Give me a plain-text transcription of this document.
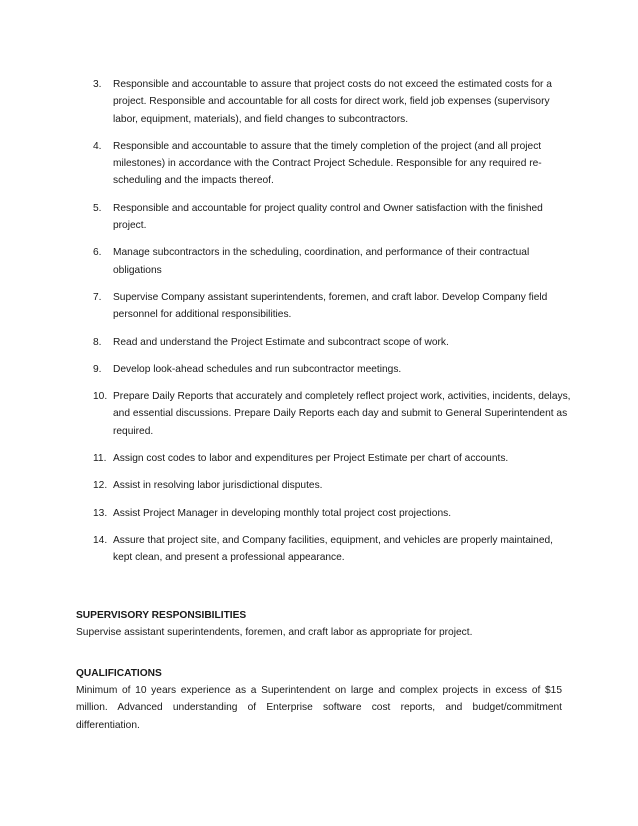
3.	Responsible and accountable to assure that project costs do not exceed the estimated costs for a project. Responsible and accountable for all costs for direct work, field job expenses (supervisory labor, equipment, materials), and field changes to subcontractors.
4.	Responsible and accountable to assure that the timely completion of the project (and all project milestones) in accordance with the Contract Project Schedule. Responsible for any required re-scheduling and the impacts thereof.
5.	Responsible and accountable for project quality control and Owner satisfaction with the finished project.
6.	Manage subcontractors in the scheduling, coordination, and performance of their contractual obligations
7.	Supervise Company assistant superintendents, foremen, and craft labor. Develop Company field personnel for additional responsibilities.
8.	Read and understand the Project Estimate and subcontract scope of work.
9.	Develop look-ahead schedules and run subcontractor meetings.
10. Prepare Daily Reports that accurately and completely reflect project work, activities, incidents, delays, and essential discussions. Prepare Daily Reports each day and submit to General Superintendent as required.
11. Assign cost codes to labor and expenditures per Project Estimate per chart of accounts.
12. Assist in resolving labor jurisdictional disputes.
13. Assist Project Manager in developing monthly total project cost projections.
14. Assure that project site, and Company facilities, equipment, and vehicles are properly maintained, kept clean, and present a professional appearance.

SUPERVISORY RESPONSIBILITIES

Supervise assistant superintendents, foremen, and craft labor as appropriate for project.

QUALIFICATIONS

Minimum of 10 years experience as a Superintendent on large and complex projects in excess of $15 million. Advanced understanding of Enterprise software cost reports, and budget/commitment differentiation.
